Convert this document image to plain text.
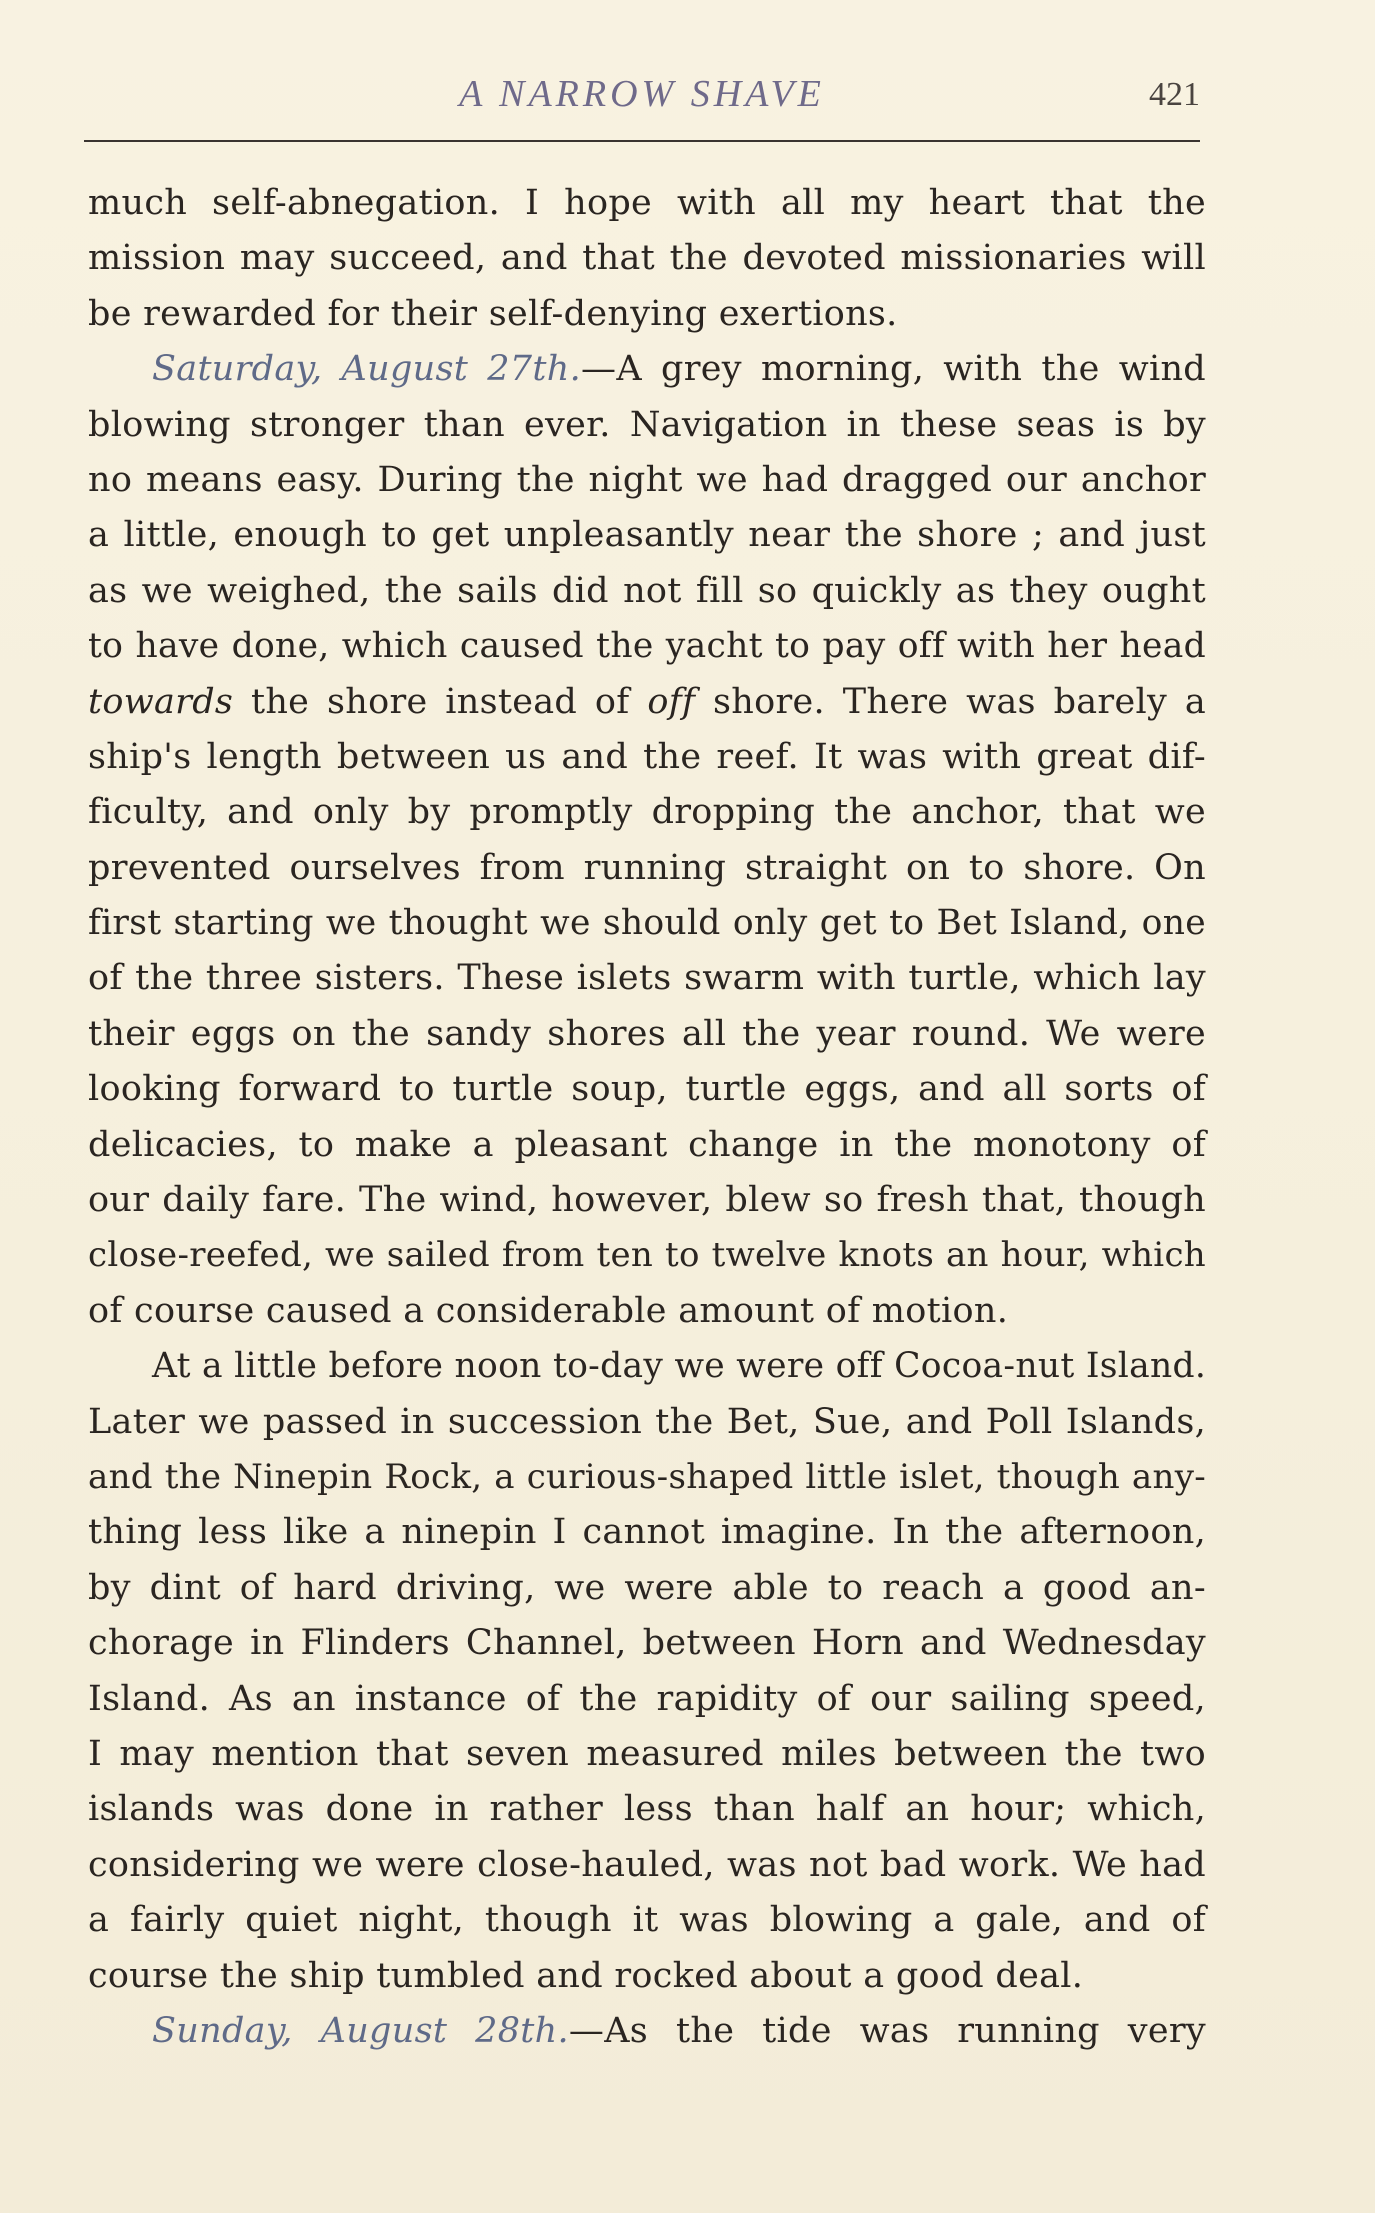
A NARROW SHAVE	421
much self-abnegation. I hope with all my heart that the
mission may succeed, and that the devoted missionaries will
be rewarded for their self-denying exertions.
Saturday, August 27th.—A grey morning, with the wind
blowing stronger than ever. Navigation in these seas is by
no means easy. During the night we had dragged our anchor
a little, enough to get unpleasantly near the shore ; and just
as we weighed, the sails did not fill so quickly as they ought
to have done, which caused the yacht to pay off with her head
towards the shore instead of off shore. There was barely a
ship's length between us and the reef. It was with great dif-
ficulty, and only by promptly dropping the anchor, that we
prevented ourselves from running straight on to shore. On
first starting we thought we should only get to Bet Island, one
of the three sisters. These islets swarm with turtle, which lay
their eggs on the sandy shores all the year round. We were
looking forward to turtle soup, turtle eggs, and all sorts of
delicacies, to make a pleasant change in the monotony of
our daily fare. The wind, however, blew so fresh that, though
close-reefed, we sailed from ten to twelve knots an hour, which
of course caused a considerable amount of motion.
At a little before noon to-day we were off Cocoa-nut Island.
Later we passed in succession the Bet, Sue, and Poll Islands,
and the Ninepin Rock, a curious-shaped little islet, though any-
thing less like a ninepin I cannot imagine. In the afternoon,
by dint of hard driving, we were able to reach a good an-
chorage in Flinders Channel, between Horn and Wednesday
Island. As an instance of the rapidity of our sailing speed,
I may mention that seven measured miles between the two
islands was done in rather less than half an hour; which,
considering we were close-hauled, was not bad work. We had
a fairly quiet night, though it was blowing a gale, and of
course the ship tumbled and rocked about a good deal.
Sunday, August 28th.—As the tide was running very
